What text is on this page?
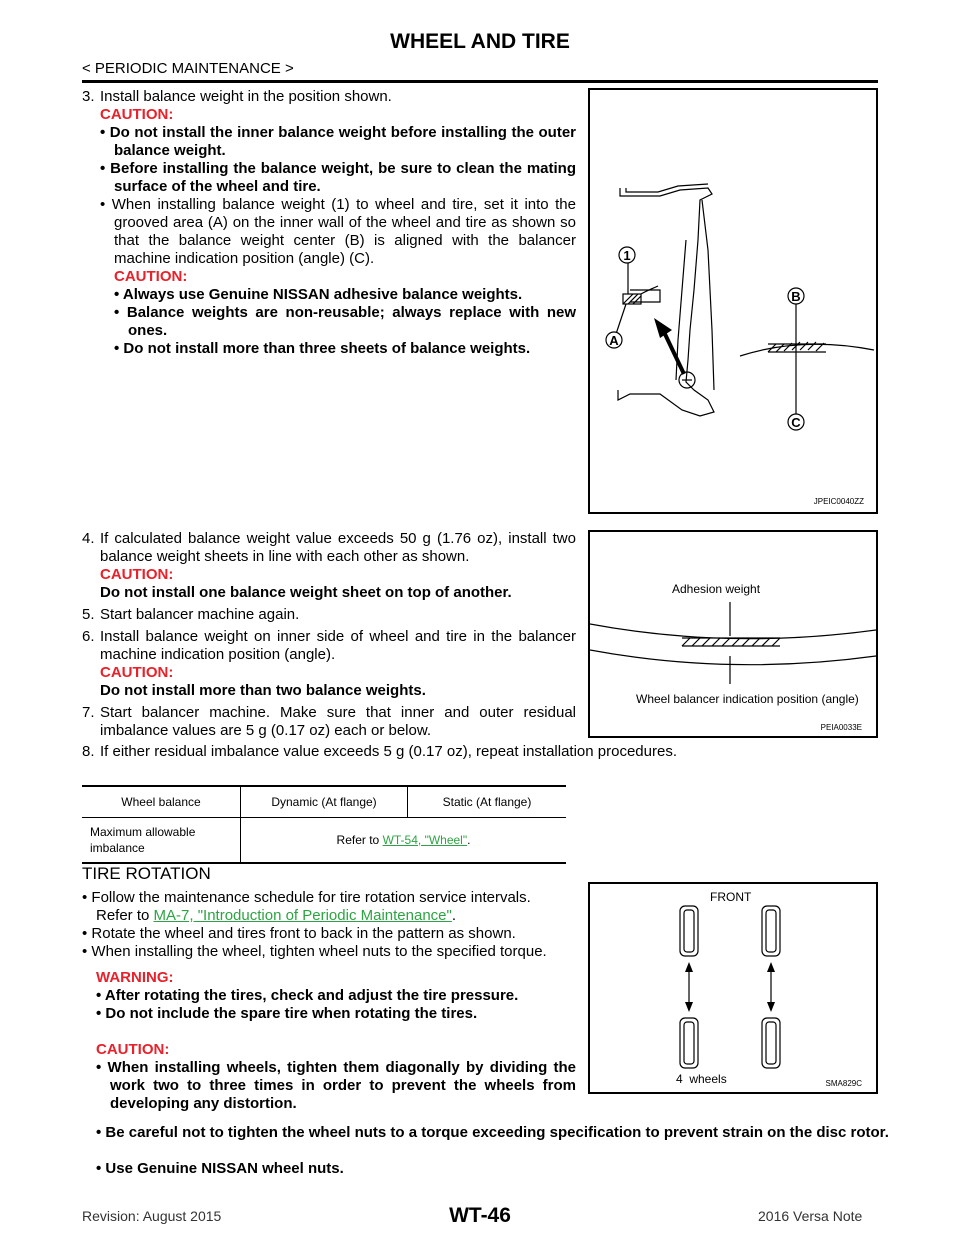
WHEEL AND TIRE
< PERIODIC MAINTENANCE >
3. Install balance weight in the position shown.
CAUTION:
• Do not install the inner balance weight before installing the outer balance weight.
• Before installing the balance weight, be sure to clean the mating surface of the wheel and tire.
• When installing balance weight (1) to wheel and tire, set it into the grooved area (A) on the inner wall of the wheel and tire as shown so that the balance weight center (B) is aligned with the balancer machine indication position (angle) (C).
CAUTION:
• Always use Genuine NISSAN adhesive balance weights.
• Balance weights are non-reusable; always replace with new ones.
• Do not install more than three sheets of balance weights.
1
A
B
C
JPEIC0040ZZ
4. If calculated balance weight value exceeds 50 g (1.76 oz), install two balance weight sheets in line with each other as shown.
CAUTION:
Do not install one balance weight sheet on top of another.
5. Start balancer machine again.
6. Install balance weight on inner side of wheel and tire in the balancer machine indication position (angle).
CAUTION:
Do not install more than two balance weights.
7. Start balancer machine. Make sure that inner and outer residual imbalance values are 5 g (0.17 oz) each or below.
Adhesion weight
Wheel balancer indication position (angle)
PEIA0033E
8. If either residual imbalance value exceeds 5 g (0.17 oz), repeat installation procedures.
Wheel balance	Dynamic (At flange)	Static (At flange)

Maximum allowable imbalance	Refer to WT-54, "Wheel".	
TIRE ROTATION
• Follow the maintenance schedule for tire rotation service intervals.
Refer to MA-7, "Introduction of Periodic Maintenance".
• Rotate the wheel and tires front to back in the pattern as shown.
• When installing the wheel, tighten wheel nuts to the specified torque.
WARNING:
• After rotating the tires, check and adjust the tire pressure.
• Do not include the spare tire when rotating the tires.
CAUTION:
• When installing wheels, tighten them diagonally by dividing the work two to three times in order to prevent the wheels from developing any distortion.
• Be careful not to tighten the wheel nuts to a torque exceeding specification to prevent strain on the disc rotor.
• Use Genuine NISSAN wheel nuts.
FRONT
4  wheels	SMA829C
Revision: August 2015	WT-46	2016 Versa Note
